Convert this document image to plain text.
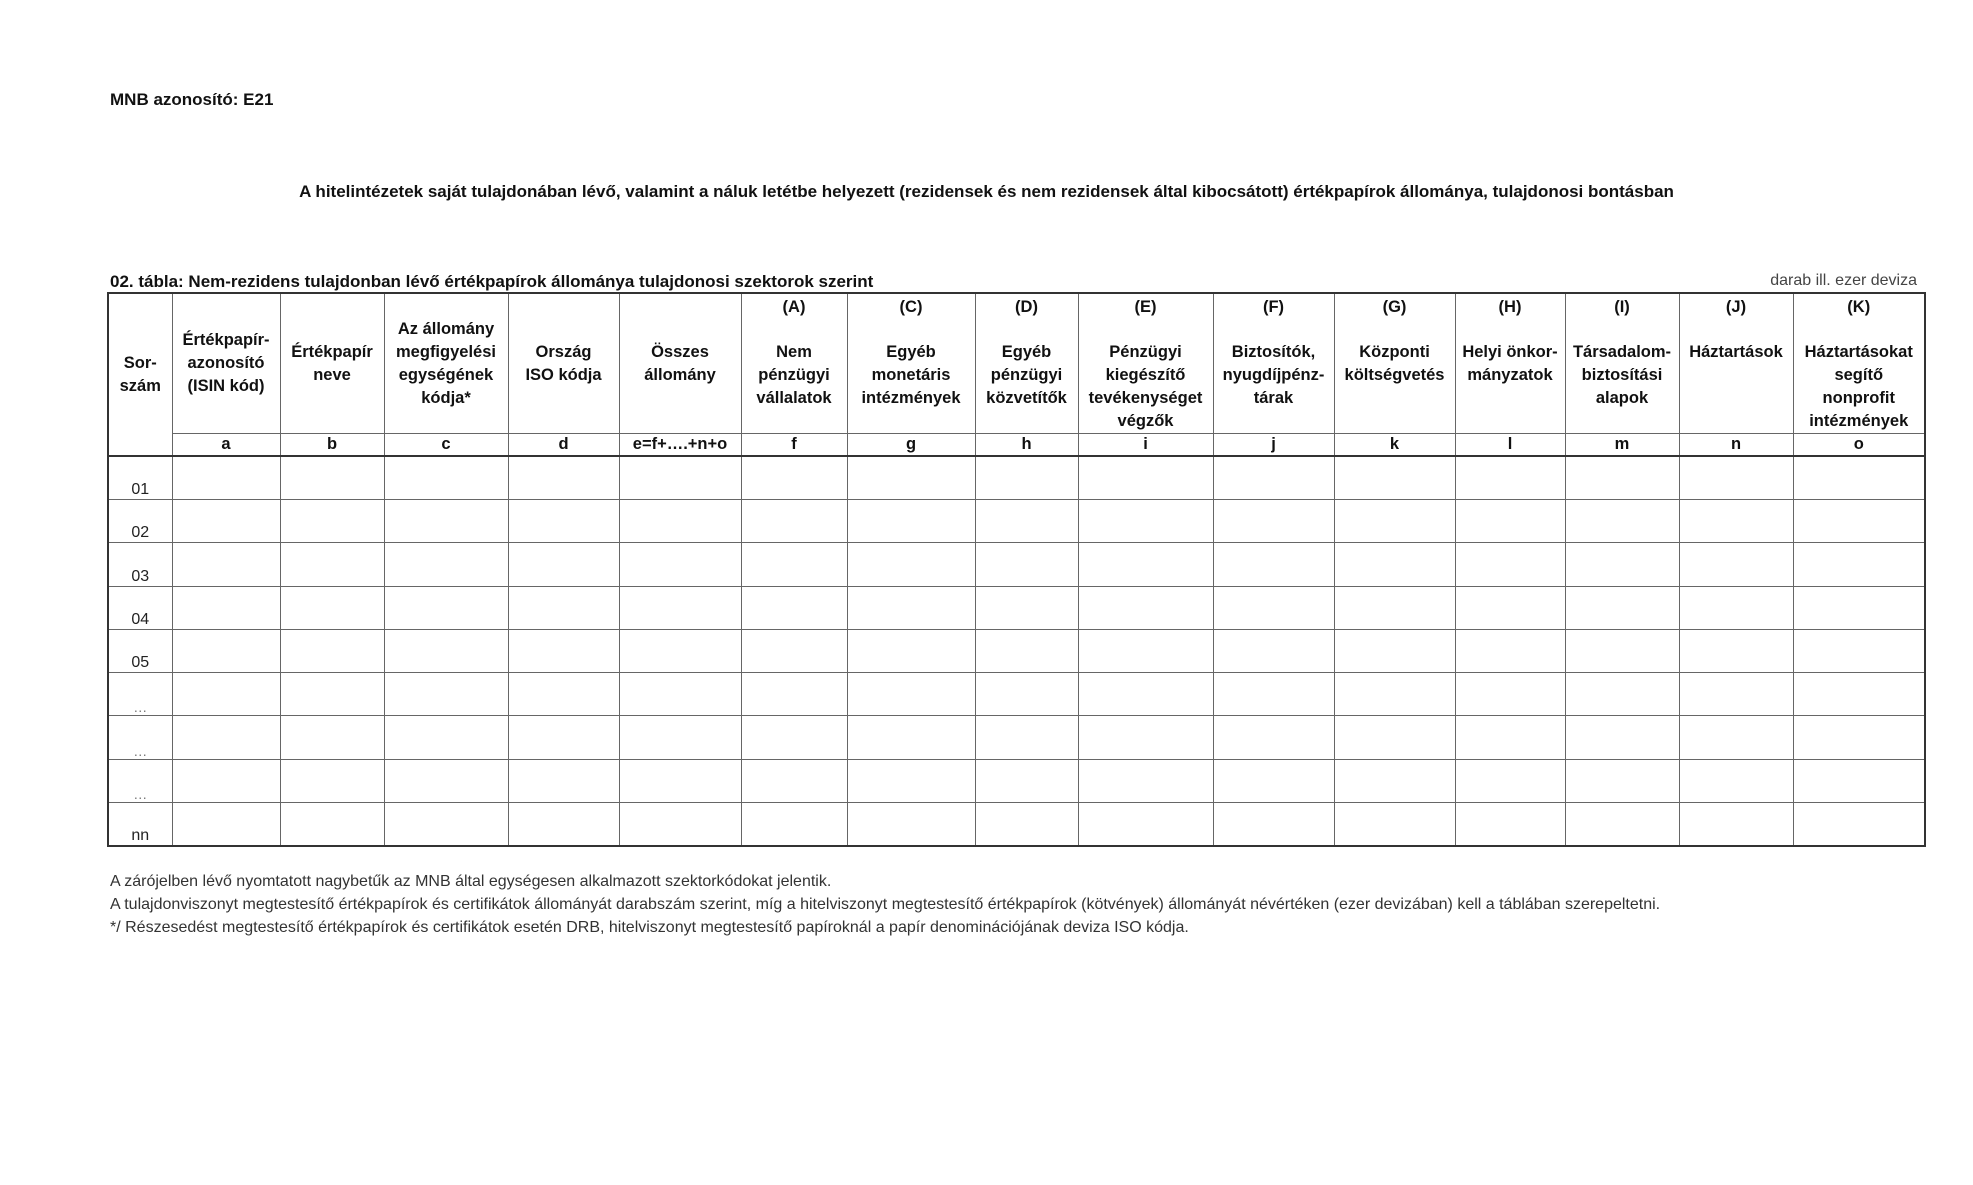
MNB azonosító: E21
A hitelintézetek saját tulajdonában lévő, valamint a náluk letétbe helyezett (rezidensek és nem rezidensek által kibocsátott) értékpapírok állománya, tulajdonosi bontásban
02. tábla: Nem-rezidens tulajdonban lévő értékpapírok állománya tulajdonosi szektorok szerint	darab ill. ezer deviza
Sor-
szám	Értékpapír-
azonosító
(ISIN kód)	Értékpapír
neve	Az állomány
megfigyelési
egységének
kódja*	Ország
ISO kódja	Összes
állomány	(A)
Nem
pénzügyi
vállalatok	(C)
Egyéb
monetáris
intézmények	(D)
Egyéb
pénzügyi
közvetítők	(E)
Pénzügyi
kiegészítő
tevékenységet
végzők	(F)
Biztosítók,
nyugdíjpénz-
tárak	(G)
Központi
költségvetés	(H)
Helyi önkor-
mányzatok	(I)
Társadalom-
biztosítási
alapok	(J)
Háztartások	(K)
Háztartásokat
segítő
nonprofit
intézmények

	a	b	c	d	e=f+….+n+o	f	g	h	i	j	k	l	m	n	o
01															
02															
03															
04															
05															
…															
…															
…															
nn															
A zárójelben lévő nyomtatott nagybetűk az MNB által egységesen alkalmazott szektorkódokat jelentik.
A tulajdonviszonyt megtestesítő értékpapírok és certifikátok állományát darabszám szerint, míg a hitelviszonyt megtestesítő értékpapírok (kötvények) állományát névértéken (ezer devizában) kell a táblában szerepeltetni.
*/ Részesedést megtestesítő értékpapírok és certifikátok esetén DRB, hitelviszonyt megtestesítő papíroknál a papír denominációjának deviza ISO kódja.
